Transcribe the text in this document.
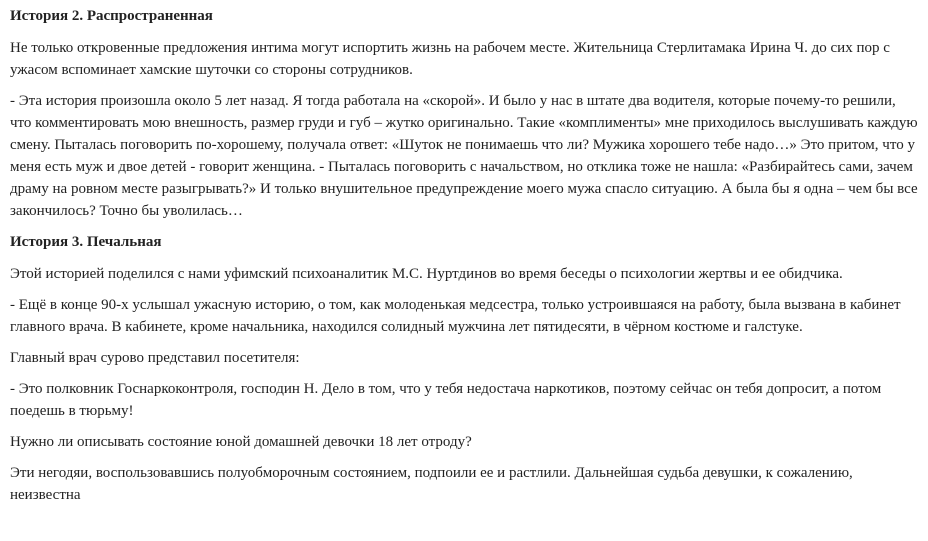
История 2. Распространенная

Не только откровенные предложения интима могут испортить жизнь на рабочем месте. Жительница Стерлитамака Ирина Ч. до сих пор с ужасом вспоминает хамские шуточки со стороны сотрудников.

- Эта история произошла около 5 лет назад. Я тогда работала на «скорой». И было у нас в штате два водителя, которые почему-то решили, что комментировать мою внешность, размер груди и губ – жутко оригинально. Такие «комплименты» мне приходилось выслушивать каждую смену. Пыталась поговорить по-хорошему, получала ответ: «Шуток не понимаешь что ли? Мужика хорошего тебе надо…» Это притом, что у меня есть муж и двое детей - говорит женщина. - Пыталась поговорить с начальством, но отклика тоже не нашла: «Разбирайтесь сами, зачем драму на ровном месте разыгрывать?» И только внушительное предупреждение моего мужа спасло ситуацию. А была бы я одна – чем бы все закончилось? Точно бы уволилась…

История 3. Печальная

Этой историей поделился с нами уфимский психоаналитик М.С. Нуртдинов во время беседы о психологии жертвы и ее обидчика.

- Ещё в конце 90-х услышал ужасную историю, о том, как молоденькая медсестра, только устроившаяся на работу, была вызвана в кабинет главного врача. В кабинете, кроме начальника, находился солидный мужчина лет пятидесяти, в чёрном костюме и галстуке.

Главный врач сурово представил посетителя:

- Это полковник Госнаркоконтроля, господин Н. Дело в том, что у тебя недостача наркотиков, поэтому сейчас он тебя допросит, а потом поедешь в тюрьму!

Нужно ли описывать состояние юной домашней девочки 18 лет отроду?

Эти негодяи, воспользовавшись полуобморочным состоянием, подпоили ее и растлили. Дальнейшая судьба девушки, к сожалению, неизвестна
